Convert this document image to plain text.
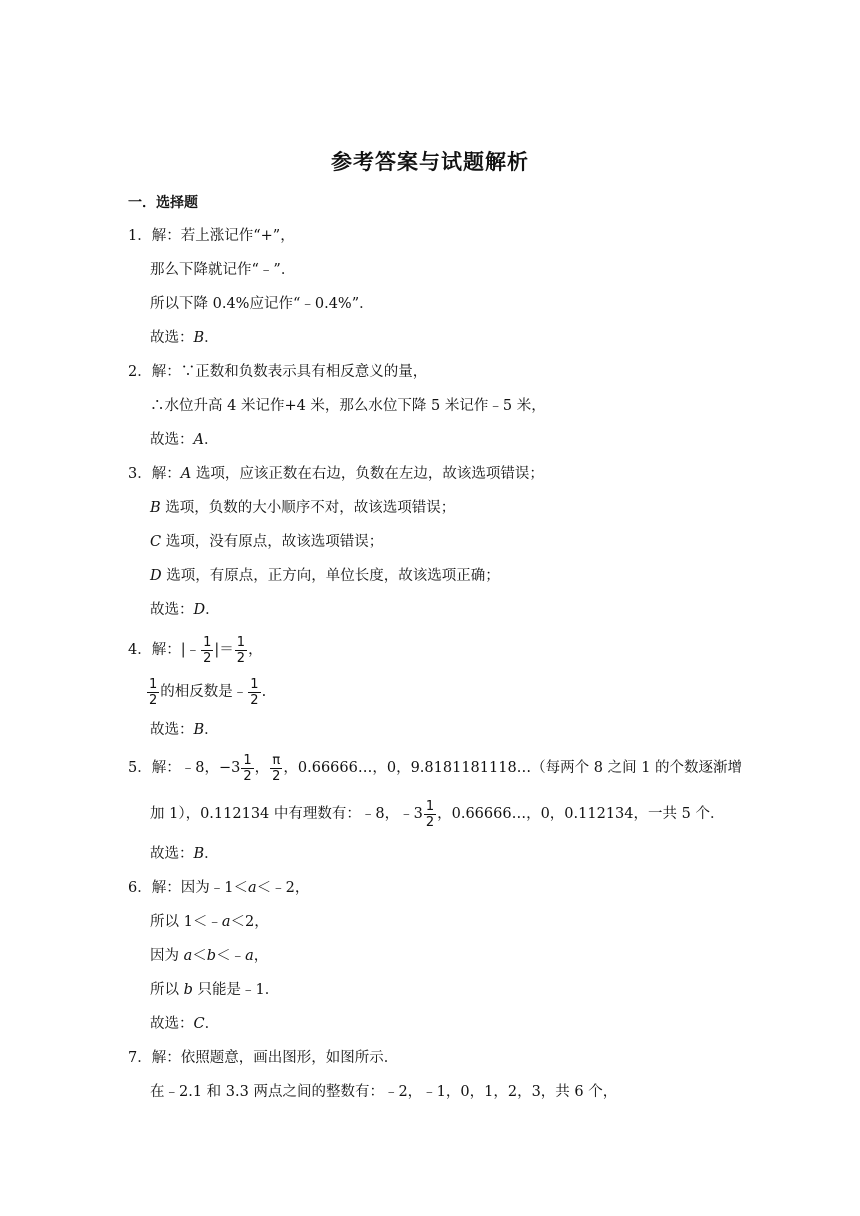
参考答案与试题解析
一．选择题
1．解：若上涨记作“+”，
那么下降就记作“﹣”．
所以下降 0.4%应记作“﹣0.4%”．
故选：B．
2．解：∵正数和负数表示具有相反意义的量，
∴水位升高 4 米记作+4 米，那么水位下降 5 米记作﹣5 米，
故选：A．
3．解：A 选项，应该正数在右边，负数在左边，故该选项错误；
B 选项，负数的大小顺序不对，故该选项错误；
C 选项，没有原点，故该选项错误；
D 选项，有原点，正方向，单位长度，故该选项正确；
故选：D．
4．解：|﹣ $\frac{1}{2}$ |＝ $\frac{1}{2}$ ，
$\frac{1}{2}$ 的相反数是﹣ $\frac{1}{2}$ .
故选：B．
5．解：﹣8， $-3 \frac{1}{2}$ ， $\frac{\pi}{2}$ ，0.66666…，0，9.8181181118…（每两个 8 之间 1 的个数逐渐增
加 1），0.112134 中有理数有：﹣8，﹣3 $\frac{1}{2}$ ，0.66666…，0，0.112134，一共 5 个．
故选：B．
6．解：因为﹣1＜a＜﹣2，
所以 1＜﹣a＜2，
因为 a＜b＜﹣a，
所以 b 只能是﹣1．
故选：C．
7．解：依照题意，画出图形，如图所示．
在﹣2.1 和 3.3 两点之间的整数有：﹣2，﹣1，0，1，2，3，共 6 个，
